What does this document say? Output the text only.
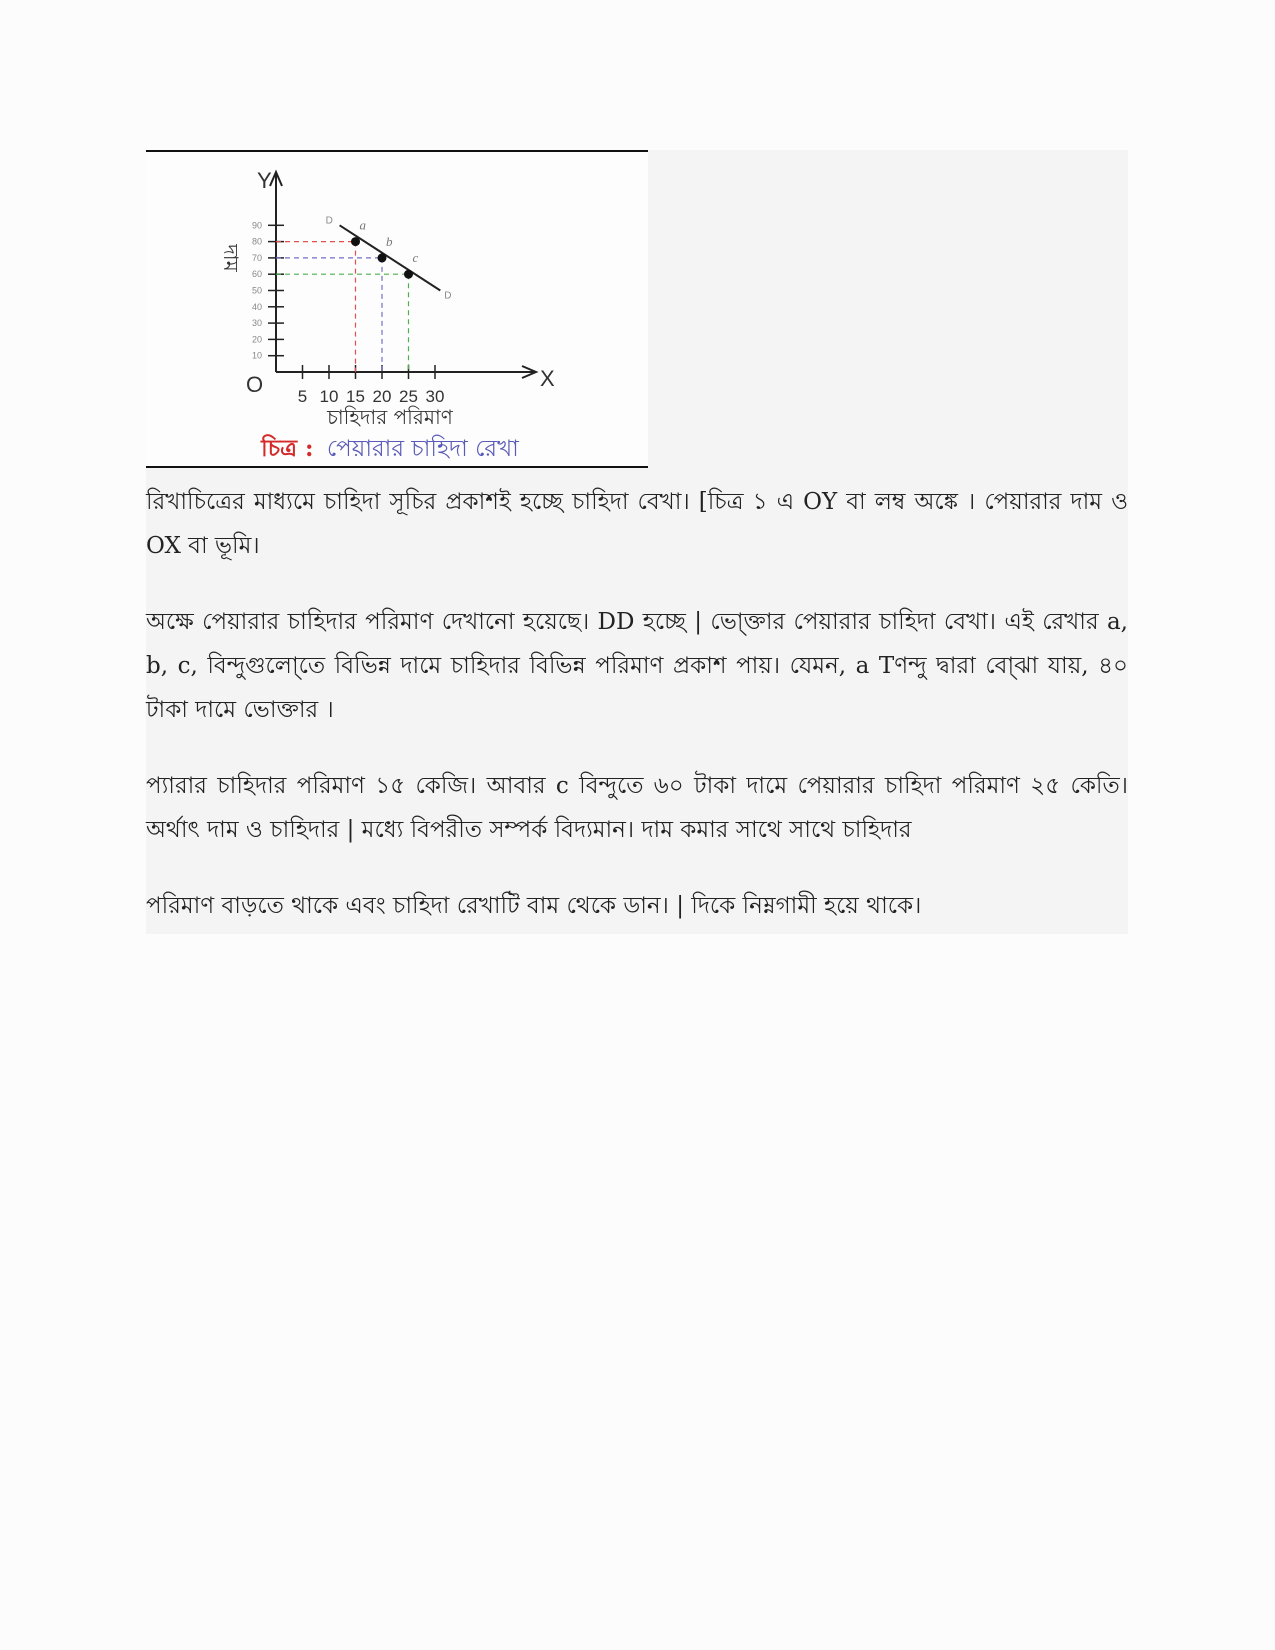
Y
X
O
দাম
চাহিদার পরিমাণ
চিত্র : পেয়ারার চাহিদা রেখা
5 10 15 20 25 30
10
20
30
40
50
60
70
80
90	D
D
a
b
c

রিখাচিত্রের মাধ্যমে চাহিদা সূচির প্রকাশই হচ্ছে চাহিদা বেখা। [চিত্র ১ এ OY বা লম্ব অঙ্কে । পেয়ারার দাম ও OX বা ভূমি।

অক্ষে পেয়ারার চাহিদার পরিমাণ দেখানাে হয়েছে। DD হচ্ছে | ভাে্ক্তার পেয়ারার চাহিদা বেখা। এই রেখার a, b, c, বিন্দুগুলাে্তে বিভিন্ন দামে চাহিদার বিভিন্ন পরিমাণ প্রকাশ পায়। যেমন, a Tণন্দু দ্বারা বাে্ঝা যায়, ৪০ টাকা দামে ভোক্তার ।

প্যারার চাহিদার পরিমাণ ১৫ কেজি। আবার c বিন্দুতে ৬০ টাকা দামে পেয়ারার চাহিদা পরিমাণ ২৫ কেতি। অর্থাৎ দাম ও চাহিদার | মধ্যে বিপরীত সম্পর্ক বিদ্যমান। দাম কমার সাথে সাথে চাহিদার

পরিমাণ বাড়তে থাকে এবং চাহিদা রেখাটি বাম থেকে ডান। | দিকে নিম্নগামী হয়ে থাকে।
